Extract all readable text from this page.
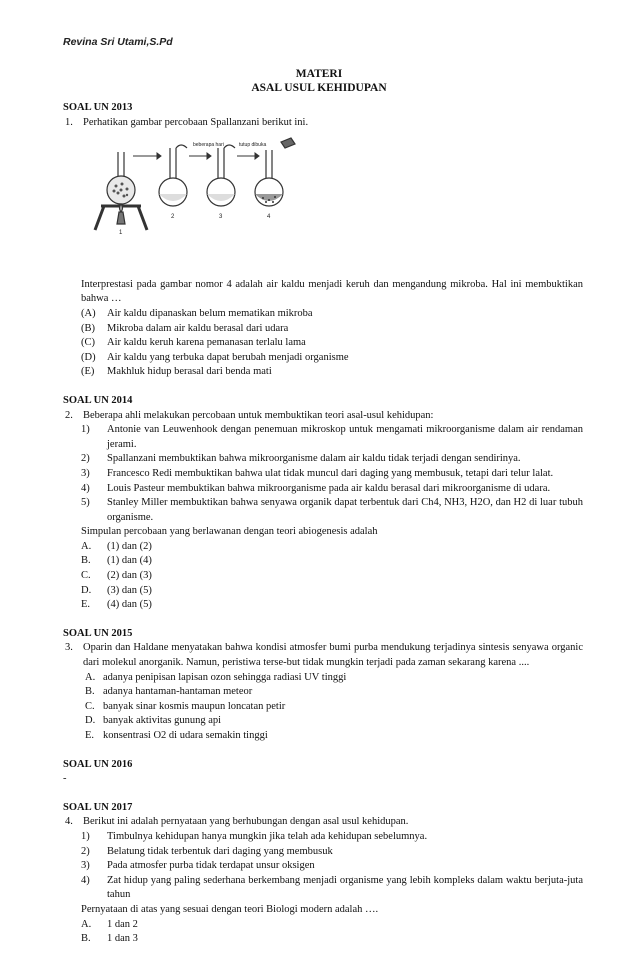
Revina Sri Utami,S.Pd
MATERI
ASAL USUL KEHIDUPAN
SOAL UN 2013
1. Perhatikan gambar percobaan Spallanzani berikut ini.
beberapa hari	tutup dibuka
1
2	3	4
Interprestasi pada gambar nomor 4 adalah air kaldu menjadi keruh dan mengandung mikroba. Hal ini membuktikan bahwa …
(A)	Air kaldu dipanaskan belum mematikan mikroba
(B)	Mikroba dalam air kaldu berasal dari udara
(C)	Air kaldu keruh karena pemanasan terlalu lama
(D)	Air kaldu yang terbuka dapat berubah menjadi organisme
(E)	Makhluk hidup berasal dari benda mati
SOAL UN 2014
2. Beberapa ahli melakukan percobaan untuk membuktikan teori asal-usul kehidupan:
1)	Antonie van Leuwenhook dengan penemuan mikroskop untuk mengamati mikroorganisme dalam air rendaman jerami.
2)	Spallanzani membuktikan bahwa mikroorganisme dalam air kaldu tidak terjadi dengan sendirinya.
3)	Francesco Redi membuktikan bahwa ulat tidak muncul dari daging yang membusuk, tetapi dari telur lalat.
4)	Louis Pasteur membuktikan bahwa mikroorganisme pada air kaldu berasal dari mikroorganisme di udara.
5)	Stanley Miller membuktikan bahwa senyawa organik dapat terbentuk dari Ch4, NH3, H2O, dan H2 di luar tubuh organisme.
Simpulan percobaan yang berlawanan dengan teori abiogenesis adalah
A.	(1) dan (2)
B.	(1) dan (4)
C.	(2) dan (3)
D.	(3) dan (5)
E.	(4) dan (5)
SOAL UN 2015
3. Oparin dan Haldane menyatakan bahwa kondisi atmosfer bumi purba mendukung terjadinya sintesis senyawa organic dari molekul anorganik. Namun, peristiwa terse-but tidak mungkin terjadi pada zaman sekarang karena ....
A. adanya penipisan lapisan ozon sehingga radiasi UV tinggi
B. adanya hantaman-hantaman meteor
C. banyak sinar kosmis maupun loncatan petir
D. banyak aktivitas gunung api
E. konsentrasi O2 di udara semakin tinggi
SOAL UN 2016
-
SOAL UN 2017
4. Berikut ini adalah pernyataan yang berhubungan dengan asal usul kehidupan.
1)	Timbulnya kehidupan hanya mungkin jika telah ada kehidupan sebelumnya.
2)	Belatung tidak terbentuk dari daging yang membusuk
3)	Pada atmosfer purba tidak terdapat unsur oksigen
4)	Zat hidup yang paling sederhana berkembang menjadi organisme yang lebih kompleks dalam waktu berjuta-juta tahun
Pernyataan di atas yang sesuai dengan teori Biologi modern adalah ….
A.	1 dan 2
B.	1 dan 3
